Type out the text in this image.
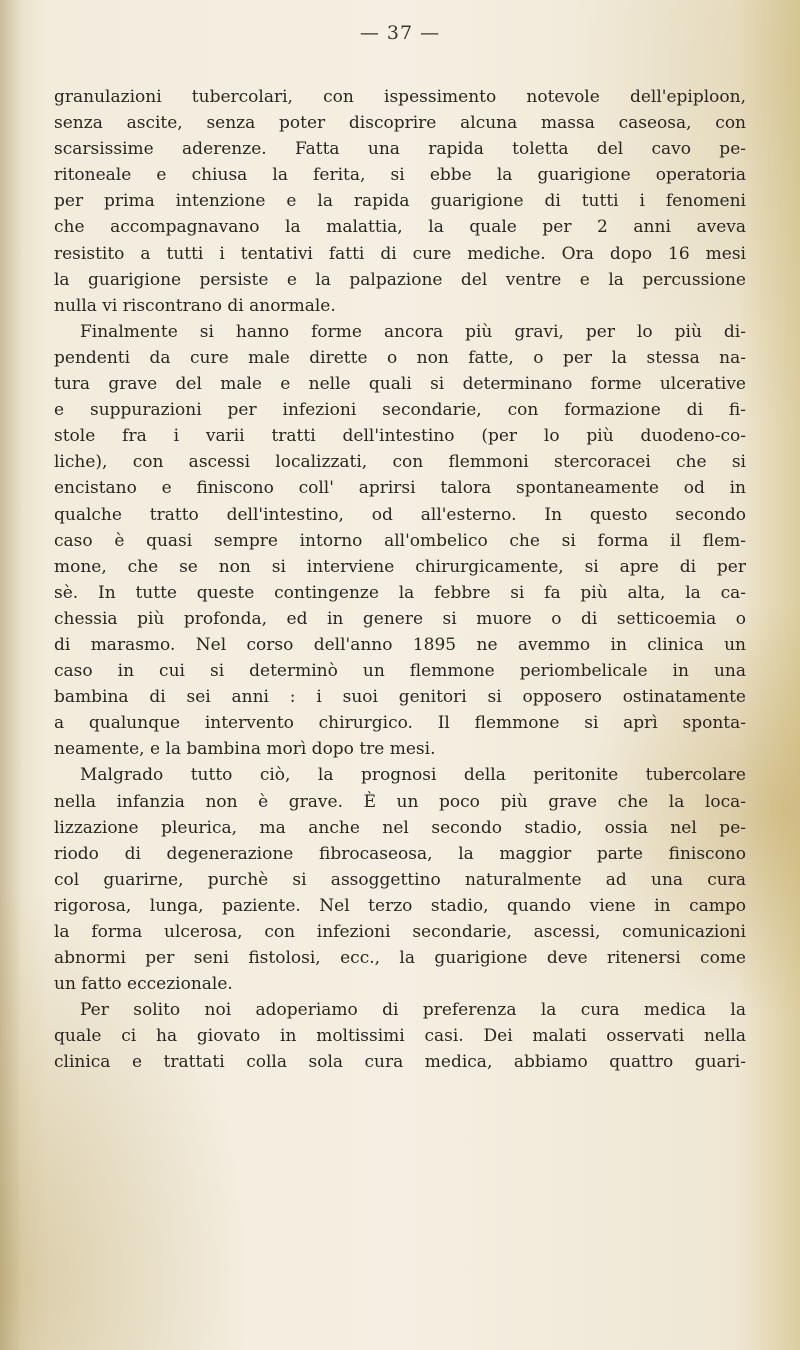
— 37 —
granulazioni tubercolari, con ispessimento notevole dell'epiploon,
senza ascite, senza poter discoprire alcuna massa caseosa, con
scarsissime aderenze. Fatta una rapida toletta del cavo pe-
ritoneale e chiusa la ferita, si ebbe la guarigione operatoria
per prima intenzione e la rapida guarigione di tutti i fenomeni
che accompagnavano la malattia, la quale per 2 anni aveva
resistito a tutti i tentativi fatti di cure mediche. Ora dopo 16 mesi
la guarigione persiste e la palpazione del ventre e la percussione
nulla vi riscontrano di anormale.
Finalmente si hanno forme ancora più gravi, per lo più di-
pendenti da cure male dirette o non fatte, o per la stessa na-
tura grave del male e nelle quali si determinano forme ulcerative
e suppurazioni per infezioni secondarie, con formazione di fi-
stole fra i varii tratti dell'intestino (per lo più duodeno-co-
liche), con ascessi localizzati, con flemmoni stercoracei che si
encistano e finiscono coll' aprirsi talora spontaneamente od in
qualche tratto dell'intestino, od all'esterno. In questo secondo
caso è quasi sempre intorno all'ombelico che si forma il flem-
mone, che se non si interviene chirurgicamente, si apre di per
sè. In tutte queste contingenze la febbre si fa più alta, la ca-
chessia più profonda, ed in genere si muore o di setticoemia o
di marasmo. Nel corso dell'anno 1895 ne avemmo in clinica un
caso in cui si determinò un flemmone periombelicale in una
bambina di sei anni : i suoi genitori si opposero ostinatamente
a qualunque intervento chirurgico. Il flemmone si aprì sponta-
neamente, e la bambina morì dopo tre mesi.
Malgrado tutto ciò, la prognosi della peritonite tubercolare
nella infanzia non è grave. È un poco più grave che la loca-
lizzazione pleurica, ma anche nel secondo stadio, ossia nel pe-
riodo di degenerazione fibrocaseosa, la maggior parte finiscono
col guarirne, purchè si assoggettino naturalmente ad una cura
rigorosa, lunga, paziente. Nel terzo stadio, quando viene in campo
la forma ulcerosa, con infezioni secondarie, ascessi, comunicazioni
abnormi per seni fistolosi, ecc., la guarigione deve ritenersi come
un fatto eccezionale.
Per solito noi adoperiamo di preferenza la cura medica la
quale ci ha giovato in moltissimi casi. Dei malati osservati nella
clinica e trattati colla sola cura medica, abbiamo quattro guari-
